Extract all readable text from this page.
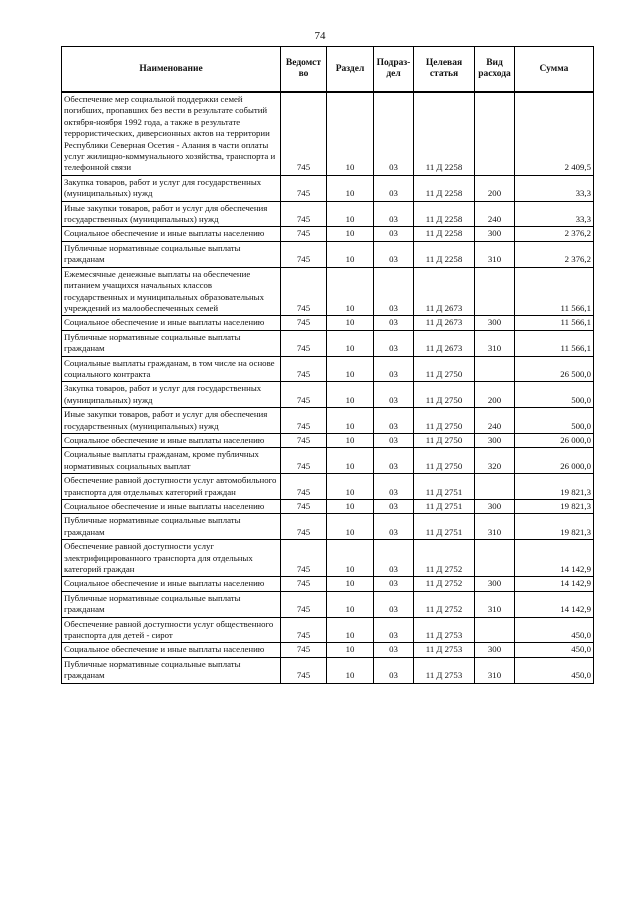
74
Наименование	Ведомст во	Раздел	Подраз- дел	Целевая статья	Вид расхода	Сумма
Обеспечение мер социальной поддержки семей погибших, пропавших без вести в результате событий октября-ноября 1992 года, а также в результате террористических, диверсионных актов на территории Республики Северная Осетия - Алания в части оплаты услуг жилищно-коммунального хозяйства, транспорта и телефонной связи	745	10	03	11 Д 2258		2 409,5
Закупка товаров, работ и услуг для государственных (муниципальных) нужд	745	10	03	11 Д 2258	200	33,3
Иные закупки товаров, работ и услуг для обеспечения государственных (муниципальных) нужд	745	10	03	11 Д 2258	240	33,3
Социальное обеспечение и иные выплаты населению	745	10	03	11 Д 2258	300	2 376,2
Публичные нормативные социальные выплаты гражданам	745	10	03	11 Д 2258	310	2 376,2
Ежемесячные денежные выплаты на обеспечение питанием учащихся начальных классов государственных и муниципальных образовательных учреждений из малообеспеченных семей	745	10	03	11 Д 2673		11 566,1
Социальное обеспечение и иные выплаты населению	745	10	03	11 Д 2673	300	11 566,1
Публичные нормативные социальные выплаты гражданам	745	10	03	11 Д 2673	310	11 566,1
Социальные выплаты гражданам, в том числе на основе социального контракта	745	10	03	11 Д 2750		26 500,0
Закупка товаров, работ и услуг для государственных (муниципальных) нужд	745	10	03	11 Д 2750	200	500,0
Иные закупки товаров, работ и услуг для обеспечения государственных (муниципальных) нужд	745	10	03	11 Д 2750	240	500,0
Социальное обеспечение и иные выплаты населению	745	10	03	11 Д 2750	300	26 000,0
Социальные выплаты гражданам, кроме публичных нормативных социальных выплат	745	10	03	11 Д 2750	320	26 000,0
Обеспечение равной доступности услуг автомобильного транспорта для отдельных категорий граждан	745	10	03	11 Д 2751		19 821,3
Социальное обеспечение и иные выплаты населению	745	10	03	11 Д 2751	300	19 821,3
Публичные нормативные социальные выплаты гражданам	745	10	03	11 Д 2751	310	19 821,3
Обеспечение равной доступности услуг электрифицированного транспорта для отдельных категорий граждан	745	10	03	11 Д 2752		14 142,9
Социальное обеспечение и иные выплаты населению	745	10	03	11 Д 2752	300	14 142,9
Публичные нормативные социальные выплаты гражданам	745	10	03	11 Д 2752	310	14 142,9
Обеспечение равной доступности услуг общественного транспорта для детей - сирот	745	10	03	11 Д 2753		450,0
Социальное обеспечение и иные выплаты населению	745	10	03	11 Д 2753	300	450,0
Публичные нормативные социальные выплаты гражданам	745	10	03	11 Д 2753	310	450,0
